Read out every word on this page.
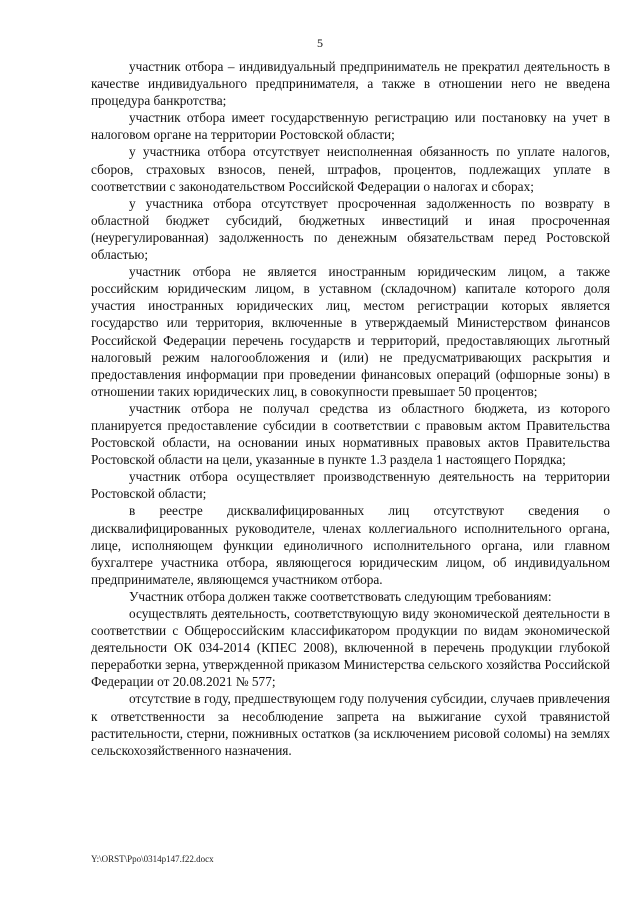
5

участник отбора – индивидуальный предприниматель не прекратил деятельность в качестве индивидуального предпринимателя, а также в отношении него не введена процедура банкротства;

участник отбора имеет государственную регистрацию или постановку на учет в налоговом органе на территории Ростовской области;

у участника отбора отсутствует неисполненная обязанность по уплате налогов, сборов, страховых взносов, пеней, штрафов, процентов, подлежащих уплате в соответствии с законодательством Российской Федерации о налогах и сборах;

у участника отбора отсутствует просроченная задолженность по возврату в областной бюджет субсидий, бюджетных инвестиций и иная просроченная (неурегулированная) задолженность по денежным обязательствам перед Ростовской областью;

участник отбора не является иностранным юридическим лицом, а также российским юридическим лицом, в уставном (складочном) капитале которого доля участия иностранных юридических лиц, местом регистрации которых является государство или территория, включенные в утверждаемый Министерством финансов Российской Федерации перечень государств и территорий, предоставляющих льготный налоговый режим налогообложения и (или) не предусматривающих раскрытия и предоставления информации при проведении финансовых операций (офшорные зоны) в отношении таких юридических лиц, в совокупности превышает 50 процентов;

участник отбора не получал средства из областного бюджета, из которого планируется предоставление субсидии в соответствии с правовым актом Правительства Ростовской области, на основании иных нормативных правовых актов Правительства Ростовской области на цели, указанные в пункте 1.3 раздела 1 настоящего Порядка;

участник отбора осуществляет производственную деятельность на территории Ростовской области;

в реестре дисквалифицированных лиц отсутствуют сведения о дисквалифицированных руководителе, членах коллегиального исполнительного органа, лице, исполняющем функции единоличного исполнительного органа, или главном бухгалтере участника отбора, являющегося юридическим лицом, об индивидуальном предпринимателе, являющемся участником отбора.

Участник отбора должен также соответствовать следующим требованиям:

осуществлять деятельность, соответствующую виду экономической деятельности в соответствии с Общероссийским классификатором продукции по видам экономической деятельности ОК 034-2014 (КПЕС 2008), включенной в перечень продукции глубокой переработки зерна, утвержденной приказом Министерства сельского хозяйства Российской Федерации от 20.08.2021 № 577;

отсутствие в году, предшествующем году получения субсидии, случаев привлечения к ответственности за несоблюдение запрета на выжигание сухой травянистой растительности, стерни, пожнивных остатков (за исключением рисовой соломы) на землях сельскохозяйственного назначения.

Y:\ORST\Ppo\0314p147.f22.docx
